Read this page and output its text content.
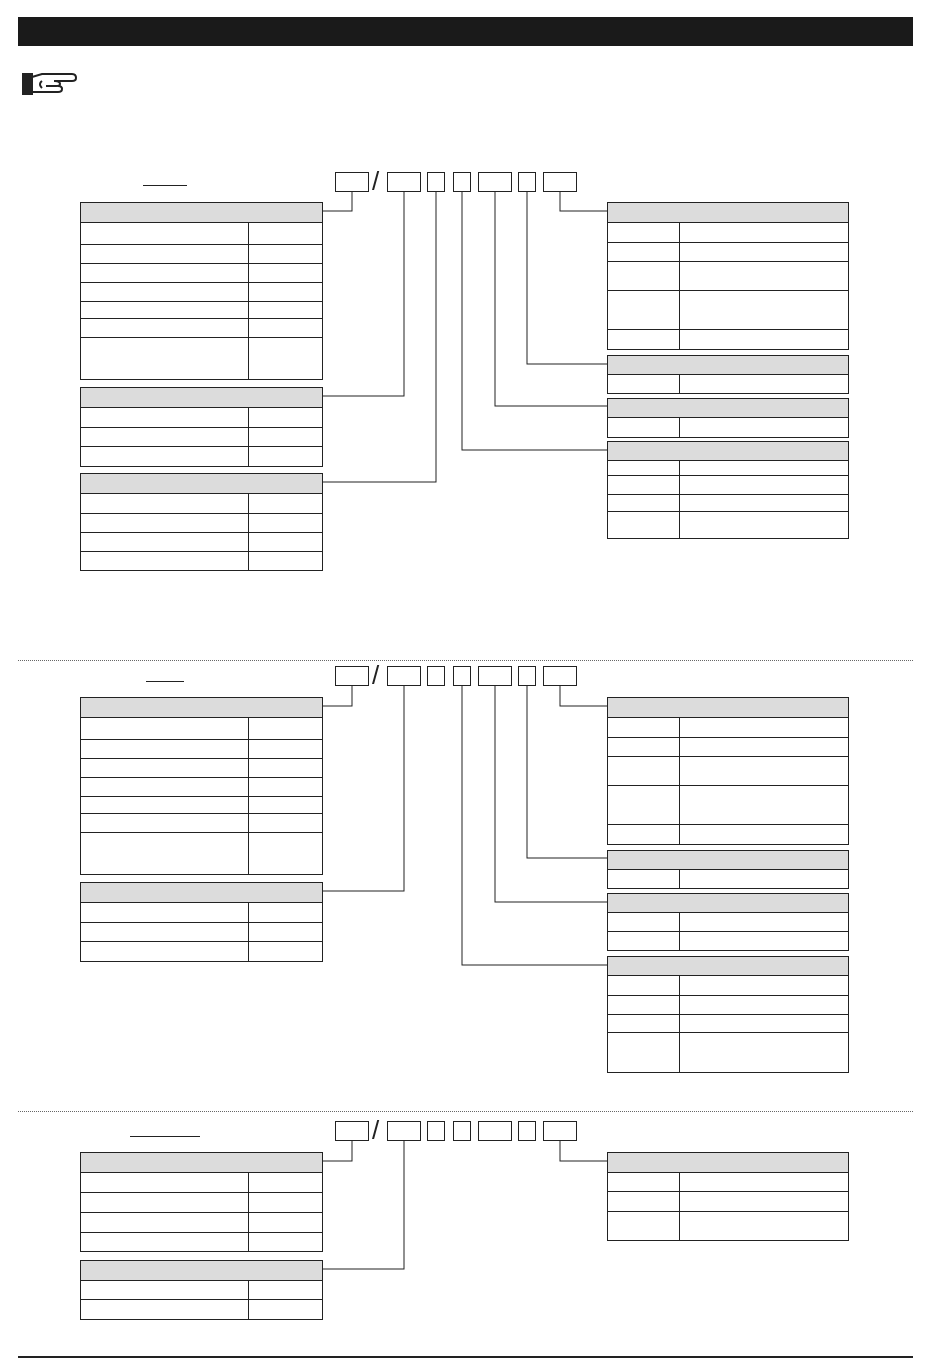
/
/
/
